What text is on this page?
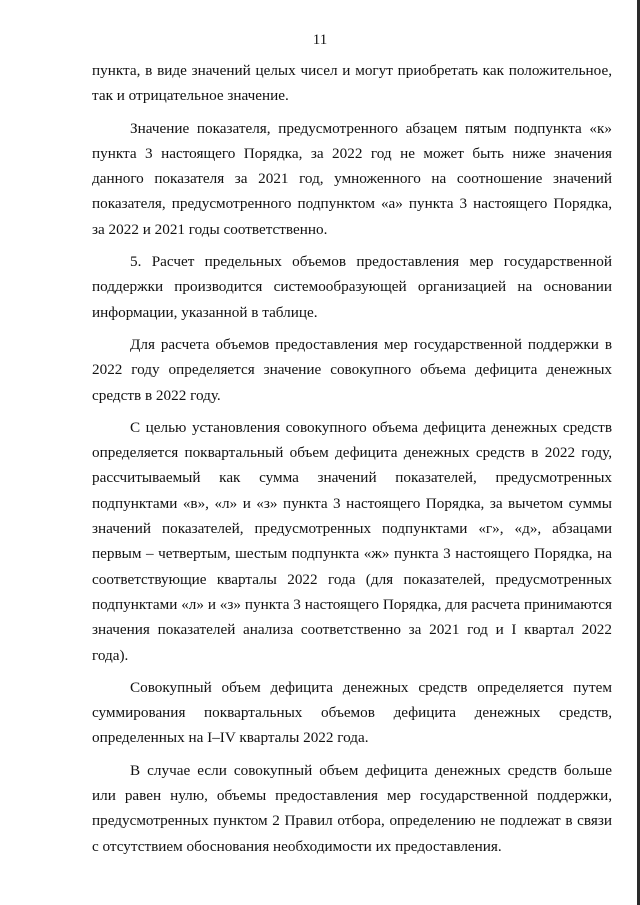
11

пункта, в виде значений целых чисел и могут приобретать как положительное, так и отрицательное значение.

Значение показателя, предусмотренного абзацем пятым подпункта «к» пункта 3 настоящего Порядка, за 2022 год не может быть ниже значения данного показателя за 2021 год, умноженного на соотношение значений показателя, предусмотренного подпунктом «а» пункта 3 настоящего Порядка, за 2022 и 2021 годы соответственно.

5. Расчет предельных объемов предоставления мер государственной поддержки производится системообразующей организацией на основании информации, указанной в таблице.

Для расчета объемов предоставления мер государственной поддержки в 2022 году определяется значение совокупного объема дефицита денежных средств в 2022 году.

С целью установления совокупного объема дефицита денежных средств определяется поквартальный объем дефицита денежных средств в 2022 году, рассчитываемый как сумма значений показателей, предусмотренных подпунктами «в», «л» и «з» пункта 3 настоящего Порядка, за вычетом суммы значений показателей, предусмотренных подпунктами «г», «д», абзацами первым – четвертым, шестым подпункта «ж» пункта 3 настоящего Порядка, на соответствующие кварталы 2022 года (для показателей, предусмотренных подпунктами «л» и «з» пункта 3 настоящего Порядка, для расчета принимаются значения показателей анализа соответственно за 2021 год и I квартал 2022 года).

Совокупный объем дефицита денежных средств определяется путем суммирования поквартальных объемов дефицита денежных средств, определенных на I–IV кварталы 2022 года.

В случае если совокупный объем дефицита денежных средств больше или равен нулю, объемы предоставления мер государственной поддержки, предусмотренных пунктом 2 Правил отбора, определению не подлежат в связи с отсутствием обоснования необходимости их предоставления.
